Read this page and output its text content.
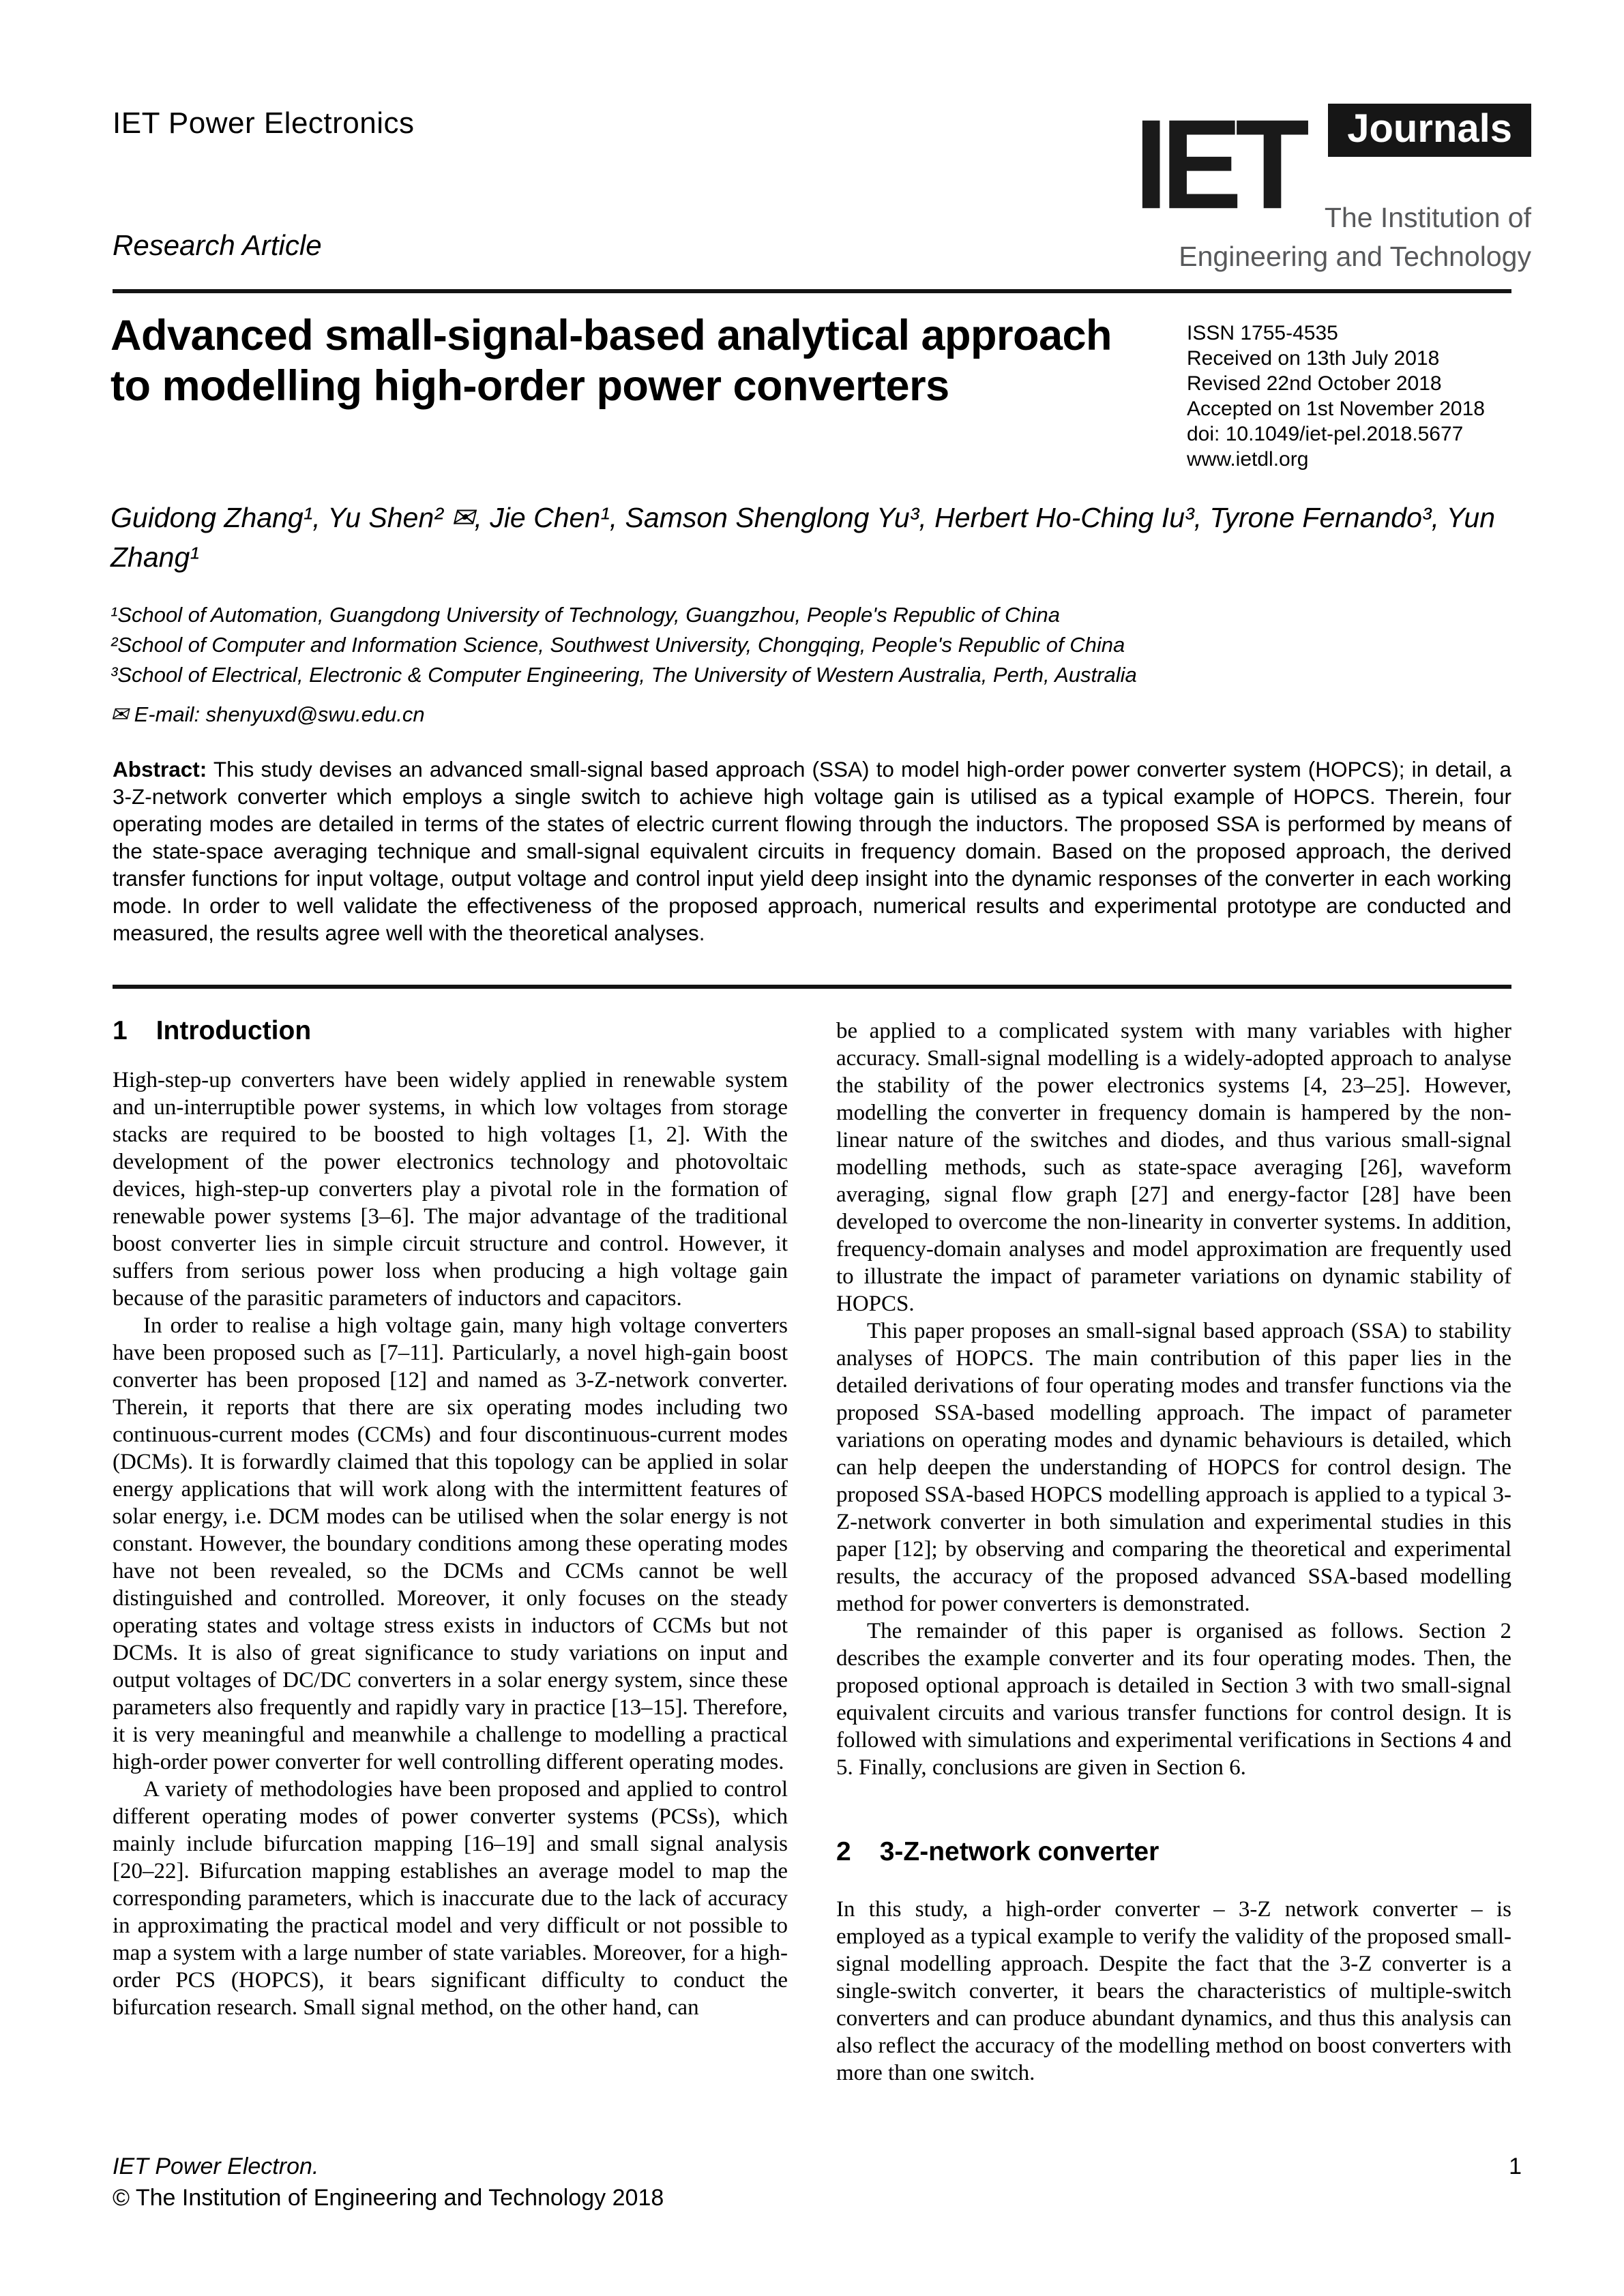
IET Power Electronics
Research Article
IET	Journals
The Institution of
Engineering and Technology
Advanced small-signal-based analytical approach to modelling high-order power converters
ISSN 1755-4535
Received on 13th July 2018
Revised 22nd October 2018
Accepted on 1st November 2018
doi: 10.1049/iet-pel.2018.5677
www.ietdl.org
Guidong Zhang¹, Yu Shen² ✉, Jie Chen¹, Samson Shenglong Yu³, Herbert Ho-Ching Iu³, Tyrone Fernando³, Yun Zhang¹
¹School of Automation, Guangdong University of Technology, Guangzhou, People's Republic of China
²School of Computer and Information Science, Southwest University, Chongqing, People's Republic of China
³School of Electrical, Electronic & Computer Engineering, The University of Western Australia, Perth, Australia
✉ E-mail: shenyuxd@swu.edu.cn

Abstract: This study devises an advanced small-signal based approach (SSA) to model high-order power converter system (HOPCS); in detail, a 3-Z-network converter which employs a single switch to achieve high voltage gain is utilised as a typical example of HOPCS. Therein, four operating modes are detailed in terms of the states of electric current flowing through the inductors. The proposed SSA is performed by means of the state-space averaging technique and small-signal equivalent circuits in frequency domain. Based on the proposed approach, the derived transfer functions for input voltage, output voltage and control input yield deep insight into the dynamic responses of the converter in each working mode. In order to well validate the effectiveness of the proposed approach, numerical results and experimental prototype are conducted and measured, the results agree well with the theoretical analyses.

1 Introduction

High-step-up converters have been widely applied in renewable system and un-interruptible power systems, in which low voltages from storage stacks are required to be boosted to high voltages [1, 2]. With the development of the power electronics technology and photovoltaic devices, high-step-up converters play a pivotal role in the formation of renewable power systems [3–6]. The major advantage of the traditional boost converter lies in simple circuit structure and control. However, it suffers from serious power loss when producing a high voltage gain because of the parasitic parameters of inductors and capacitors.

In order to realise a high voltage gain, many high voltage converters have been proposed such as [7–11]. Particularly, a novel high-gain boost converter has been proposed [12] and named as 3-Z-network converter. Therein, it reports that there are six operating modes including two continuous-current modes (CCMs) and four discontinuous-current modes (DCMs). It is forwardly claimed that this topology can be applied in solar energy applications that will work along with the intermittent features of solar energy, i.e. DCM modes can be utilised when the solar energy is not constant. However, the boundary conditions among these operating modes have not been revealed, so the DCMs and CCMs cannot be well distinguished and controlled. Moreover, it only focuses on the steady operating states and voltage stress exists in inductors of CCMs but not DCMs. It is also of great significance to study variations on input and output voltages of DC/DC converters in a solar energy system, since these parameters also frequently and rapidly vary in practice [13–15]. Therefore, it is very meaningful and meanwhile a challenge to modelling a practical high-order power converter for well controlling different operating modes.

A variety of methodologies have been proposed and applied to control different operating modes of power converter systems (PCSs), which mainly include bifurcation mapping [16–19] and small signal analysis [20–22]. Bifurcation mapping establishes an average model to map the corresponding parameters, which is inaccurate due to the lack of accuracy in approximating the practical model and very difficult or not possible to map a system with a large number of state variables. Moreover, for a high-order PCS (HOPCS), it bears significant difficulty to conduct the bifurcation research. Small signal method, on the other hand, can

be applied to a complicated system with many variables with higher accuracy. Small-signal modelling is a widely-adopted approach to analyse the stability of the power electronics systems [4, 23–25]. However, modelling the converter in frequency domain is hampered by the non-linear nature of the switches and diodes, and thus various small-signal modelling methods, such as state-space averaging [26], waveform averaging, signal flow graph [27] and energy-factor [28] have been developed to overcome the non-linearity in converter systems. In addition, frequency-domain analyses and model approximation are frequently used to illustrate the impact of parameter variations on dynamic stability of HOPCS.

This paper proposes an small-signal based approach (SSA) to stability analyses of HOPCS. The main contribution of this paper lies in the detailed derivations of four operating modes and transfer functions via the proposed SSA-based modelling approach. The impact of parameter variations on operating modes and dynamic behaviours is detailed, which can help deepen the understanding of HOPCS for control design. The proposed SSA-based HOPCS modelling approach is applied to a typical 3-Z-network converter in both simulation and experimental studies in this paper [12]; by observing and comparing the theoretical and experimental results, the accuracy of the proposed advanced SSA-based modelling method for power converters is demonstrated.

The remainder of this paper is organised as follows. Section 2 describes the example converter and its four operating modes. Then, the proposed optional approach is detailed in Section 3 with two small-signal equivalent circuits and various transfer functions for control design. It is followed with simulations and experimental verifications in Sections 4 and 5. Finally, conclusions are given in Section 6.

2 3-Z-network converter

In this study, a high-order converter – 3-Z network converter – is employed as a typical example to verify the validity of the proposed small-signal modelling approach. Despite the fact that the 3-Z converter is a single-switch converter, it bears the characteristics of multiple-switch converters and can produce abundant dynamics, and thus this analysis can also reflect the accuracy of the modelling method on boost converters with more than one switch.

IET Power Electron.
© The Institution of Engineering and Technology 2018
1
